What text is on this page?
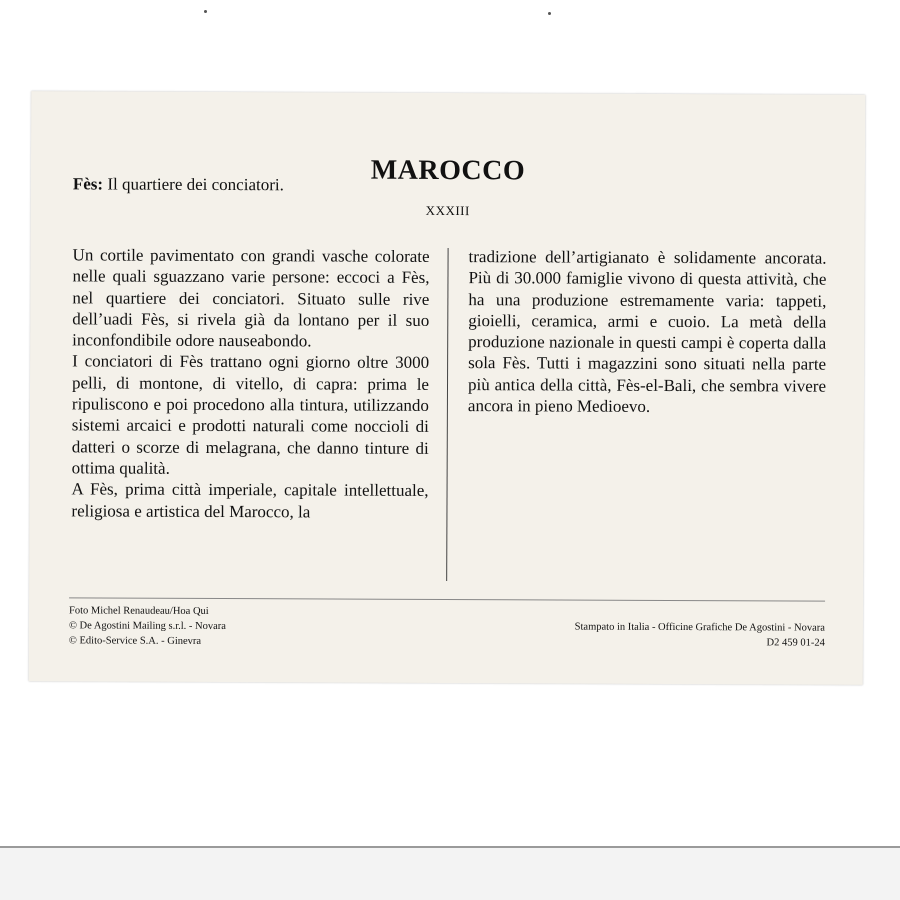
MAROCCO
Fès: Il quartiere dei conciatori.
XXXIII
Un cortile pavimentato con grandi vasche colorate nelle quali sguazzano varie persone: eccoci a Fès, nel quartiere dei conciatori. Situato sulle rive dell’uadi Fès, si rivela già da lontano per il suo inconfondibile odore nauseabondo.
I conciatori di Fès trattano ogni giorno oltre 3000 pelli, di montone, di vitello, di capra: prima le ripuliscono e poi procedono alla tintura, utilizzando sistemi arcaici e prodotti naturali come noccioli di datteri o scorze di melagrana, che danno tinture di ottima qualità.
A Fès, prima città imperiale, capitale intellettuale, religiosa e artistica del Marocco, la
tradizione dell’artigianato è solidamente ancorata. Più di 30.000 famiglie vivono di questa attività, che ha una produzione estremamente varia: tappeti, gioielli, ceramica, armi e cuoio. La metà della produzione nazionale in questi campi è coperta dalla sola Fès. Tutti i magazzini sono situati nella parte più antica della città, Fès-el-Bali, che sembra vivere ancora in pieno Medioevo.
Foto Michel Renaudeau/Hoa Qui
© De Agostini Mailing s.r.l. - Novara
© Edito-Service S.A. - Ginevra
Stampato in Italia - Officine Grafiche De Agostini - Novara
D2 459 01-24
